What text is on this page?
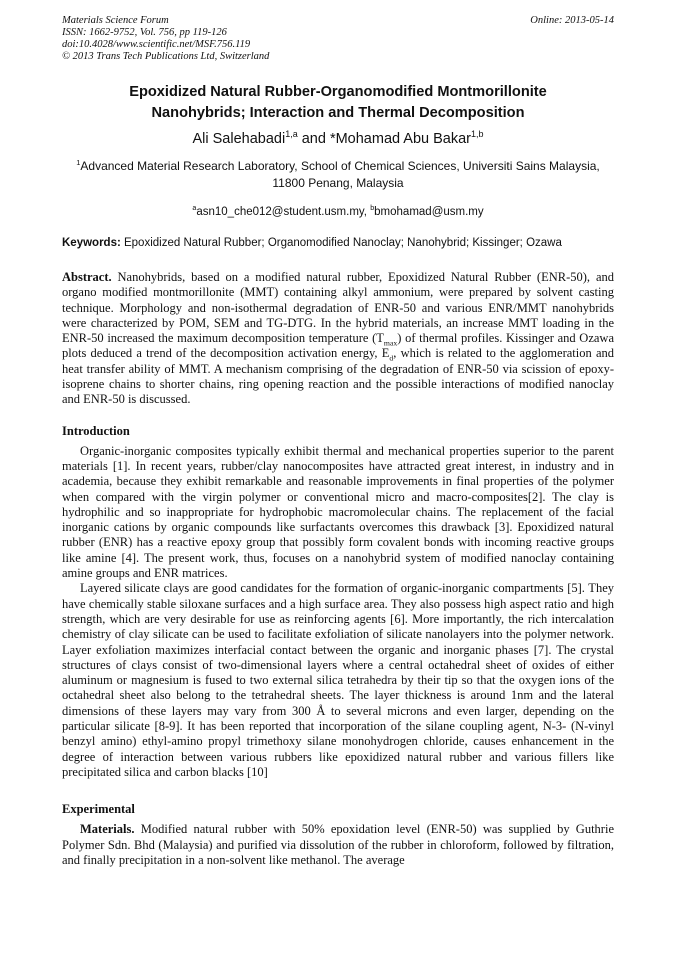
Materials Science Forum	Online: 2013-05-14
ISSN: 1662-9752, Vol. 756, pp 119-126
doi:10.4028/www.scientific.net/MSF.756.119
© 2013 Trans Tech Publications Ltd, Switzerland
Epoxidized Natural Rubber-Organomodified Montmorillonite
Nanohybrids; Interaction and Thermal Decomposition
Ali Salehabadi$^{1,a}$ and *Mohamad Abu Bakar$^{1,b}$
$^1$Advanced Material Research Laboratory, School of Chemical Sciences, Universiti Sains Malaysia,
11800 Penang, Malaysia
$^a$asn10_che012@student.usm.my, $^b$bmohamad@usm.my
Keywords: Epoxidized Natural Rubber; Organomodified Nanoclay; Nanohybrid; Kissinger; Ozawa

Abstract. Nanohybrids, based on a modified natural rubber, Epoxidized Natural Rubber (ENR-50), and organo modified montmorillonite (MMT) containing alkyl ammonium, were prepared by solvent casting technique. Morphology and non-isothermal degradation of ENR-50 and various ENR/MMT nanohybrids were characterized by POM, SEM and TG-DTG. In the hybrid materials, an increase MMT loading in the ENR-50 increased the maximum decomposition temperature $(T_{max})$ of thermal profiles. Kissinger and Ozawa plots deduced a trend of the decomposition activation energy, $E_d$, which is related to the agglomeration and heat transfer ability of MMT. A mechanism comprising of the degradation of ENR-50 via scission of epoxy-isoprene chains to shorter chains, ring opening reaction and the possible interactions of modified nanoclay and ENR-50 is discussed.

Introduction

Organic-inorganic composites typically exhibit thermal and mechanical properties superior to the parent materials [1]. In recent years, rubber/clay nanocomposites have attracted great interest, in industry and in academia, because they exhibit remarkable and reasonable improvements in final properties of the polymer when compared with the virgin polymer or conventional micro and macro-composites[2]. The clay is hydrophilic and so inappropriate for hydrophobic macromolecular chains. The replacement of the facial inorganic cations by organic compounds like surfactants overcomes this drawback [3]. Epoxidized natural rubber (ENR) has a reactive epoxy group that possibly form covalent bonds with incoming reactive groups like amine [4]. The present work, thus, focuses on a nanohybrid system of modified nanoclay containing amine groups and ENR matrices.

Layered silicate clays are good candidates for the formation of organic-inorganic compartments [5]. They have chemically stable siloxane surfaces and a high surface area. They also possess high aspect ratio and high strength, which are very desirable for use as reinforcing agents [6]. More importantly, the rich intercalation chemistry of clay silicate can be used to facilitate exfoliation of silicate nanolayers into the polymer network. Layer exfoliation maximizes interfacial contact between the organic and inorganic phases [7]. The crystal structures of clays consist of two-dimensional layers where a central octahedral sheet of oxides of either aluminum or magnesium is fused to two external silica tetrahedra by their tip so that the oxygen ions of the octahedral sheet also belong to the tetrahedral sheets. The layer thickness is around 1nm and the lateral dimensions of these layers may vary from 300 Å to several microns and even larger, depending on the particular silicate [8-9]. It has been reported that incorporation of the silane coupling agent, N-3- (N-vinyl benzyl amino) ethyl-amino propyl trimethoxy silane monohydrogen chloride, causes enhancement in the degree of interaction between various rubbers like epoxidized natural rubber and various fillers like precipitated silica and carbon blacks [10]

Experimental

Materials. Modified natural rubber with 50% epoxidation level (ENR-50) was supplied by Guthrie Polymer Sdn. Bhd (Malaysia) and purified via dissolution of the rubber in chloroform, followed by filtration, and finally precipitation in a non-solvent like methanol. The average
